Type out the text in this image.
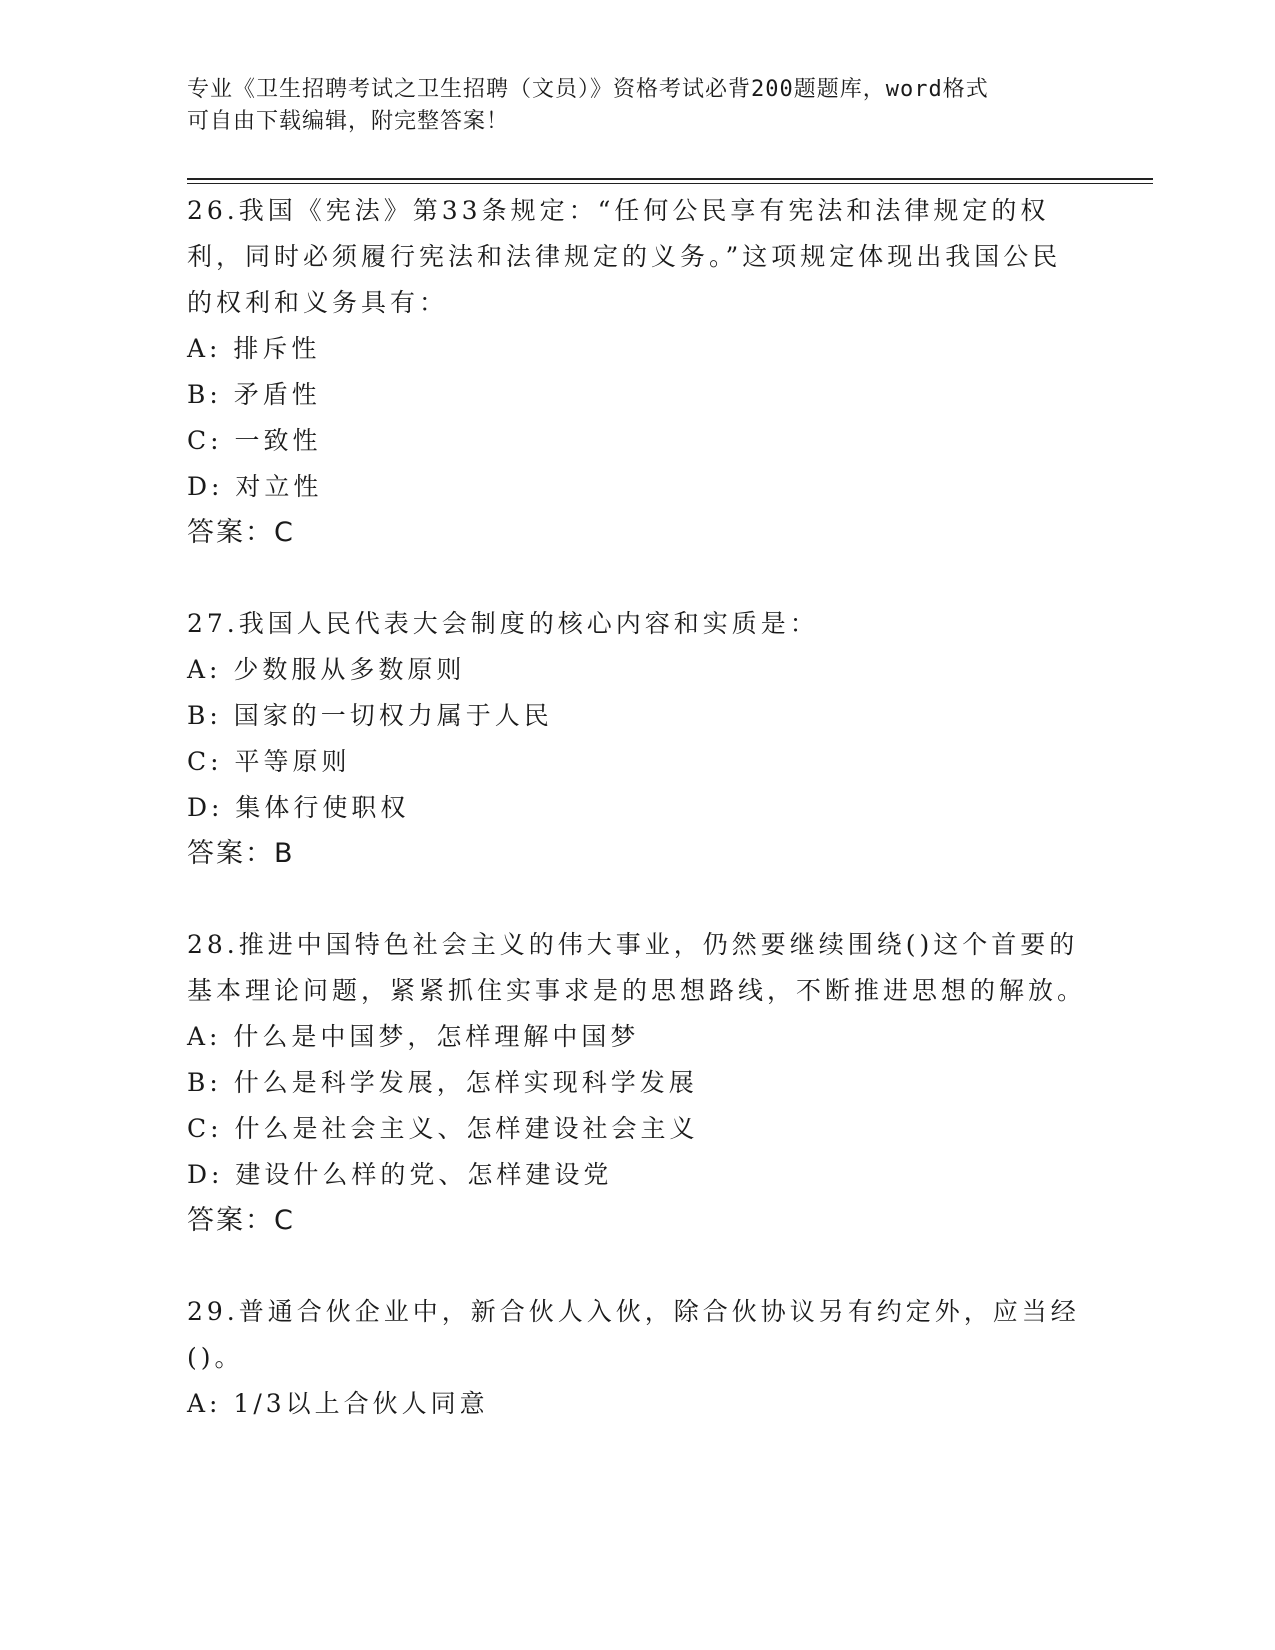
专业《卫生招聘考试之卫生招聘（文员）》资格考试必背200题题库，word格式
可自由下载编辑，附完整答案！

26.我国《宪法》第33条规定：“任何公民享有宪法和法律规定的权利，同时必须履行宪法和法律规定的义务。”这项规定体现出我国公民的权利和义务具有：

A: 排斥性

B: 矛盾性

C: 一致性

D: 对立性

答案：C

27.我国人民代表大会制度的核心内容和实质是：

A: 少数服从多数原则

B: 国家的一切权力属于人民

C: 平等原则

D: 集体行使职权

答案：B

28.推进中国特色社会主义的伟大事业，仍然要继续围绕()这个首要的基本理论问题，紧紧抓住实事求是的思想路线，不断推进思想的解放。

A: 什么是中国梦，怎样理解中国梦

B: 什么是科学发展，怎样实现科学发展

C: 什么是社会主义、怎样建设社会主义

D: 建设什么样的党、怎样建设党

答案：C

29.普通合伙企业中，新合伙人入伙，除合伙协议另有约定外，应当经()。

A: 1/3以上合伙人同意
